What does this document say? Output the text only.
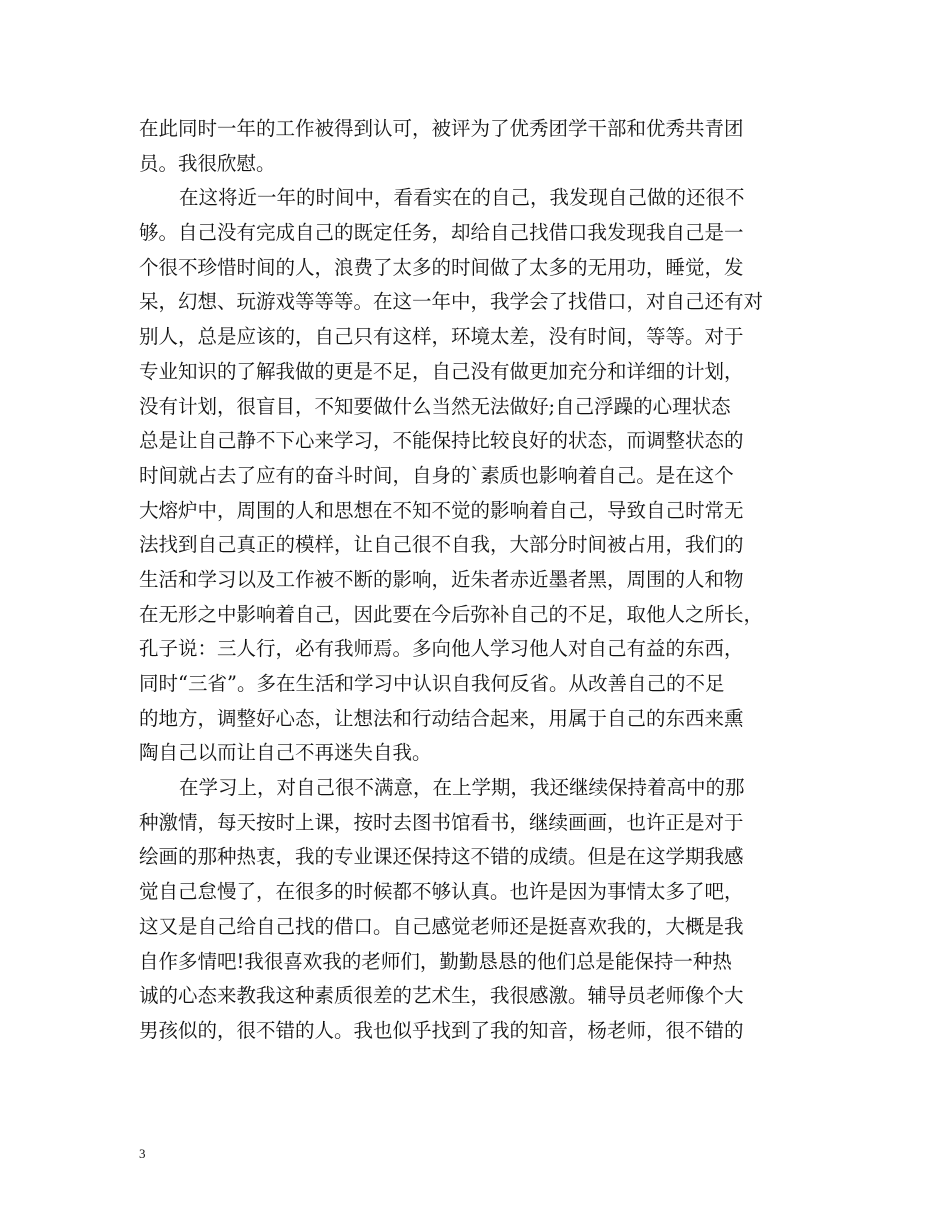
在此同时一年的工作被得到认可，被评为了优秀团学干部和优秀共青团
员。我很欣慰。
在这将近一年的时间中，看看实在的自己，我发现自己做的还很不
够。自己没有完成自己的既定任务，却给自己找借口我发现我自己是一
个很不珍惜时间的人，浪费了太多的时间做了太多的无用功，睡觉，发
呆，幻想、玩游戏等等等。在这一年中，我学会了找借口，对自己还有对
别人，总是应该的，自己只有这样，环境太差，没有时间，等等。对于
专业知识的了解我做的更是不足，自己没有做更加充分和详细的计划，
没有计划，很盲目，不知要做什么当然无法做好;自己浮躁的心理状态
总是让自己静不下心来学习，不能保持比较良好的状态，而调整状态的
时间就占去了应有的奋斗时间，自身的`素质也影响着自己。是在这个
大熔炉中，周围的人和思想在不知不觉的影响着自己，导致自己时常无
法找到自己真正的模样，让自己很不自我，大部分时间被占用，我们的
生活和学习以及工作被不断的影响，近朱者赤近墨者黑，周围的人和物
在无形之中影响着自己，因此要在今后弥补自己的不足，取他人之所长，
孔子说：三人行，必有我师焉。多向他人学习他人对自己有益的东西，
同时“三省”。多在生活和学习中认识自我何反省。从改善自己的不足
的地方，调整好心态，让想法和行动结合起来，用属于自己的东西来熏
陶自己以而让自己不再迷失自我。
在学习上，对自己很不满意，在上学期，我还继续保持着高中的那
种激情，每天按时上课，按时去图书馆看书，继续画画，也许正是对于
绘画的那种热衷，我的专业课还保持这不错的成绩。但是在这学期我感
觉自己怠慢了，在很多的时候都不够认真。也许是因为事情太多了吧，
这又是自己给自己找的借口。自己感觉老师还是挺喜欢我的，大概是我
自作多情吧!我很喜欢我的老师们，勤勤恳恳的他们总是能保持一种热
诚的心态来教我这种素质很差的艺术生，我很感激。辅导员老师像个大
男孩似的，很不错的人。我也似乎找到了我的知音，杨老师，很不错的
3
